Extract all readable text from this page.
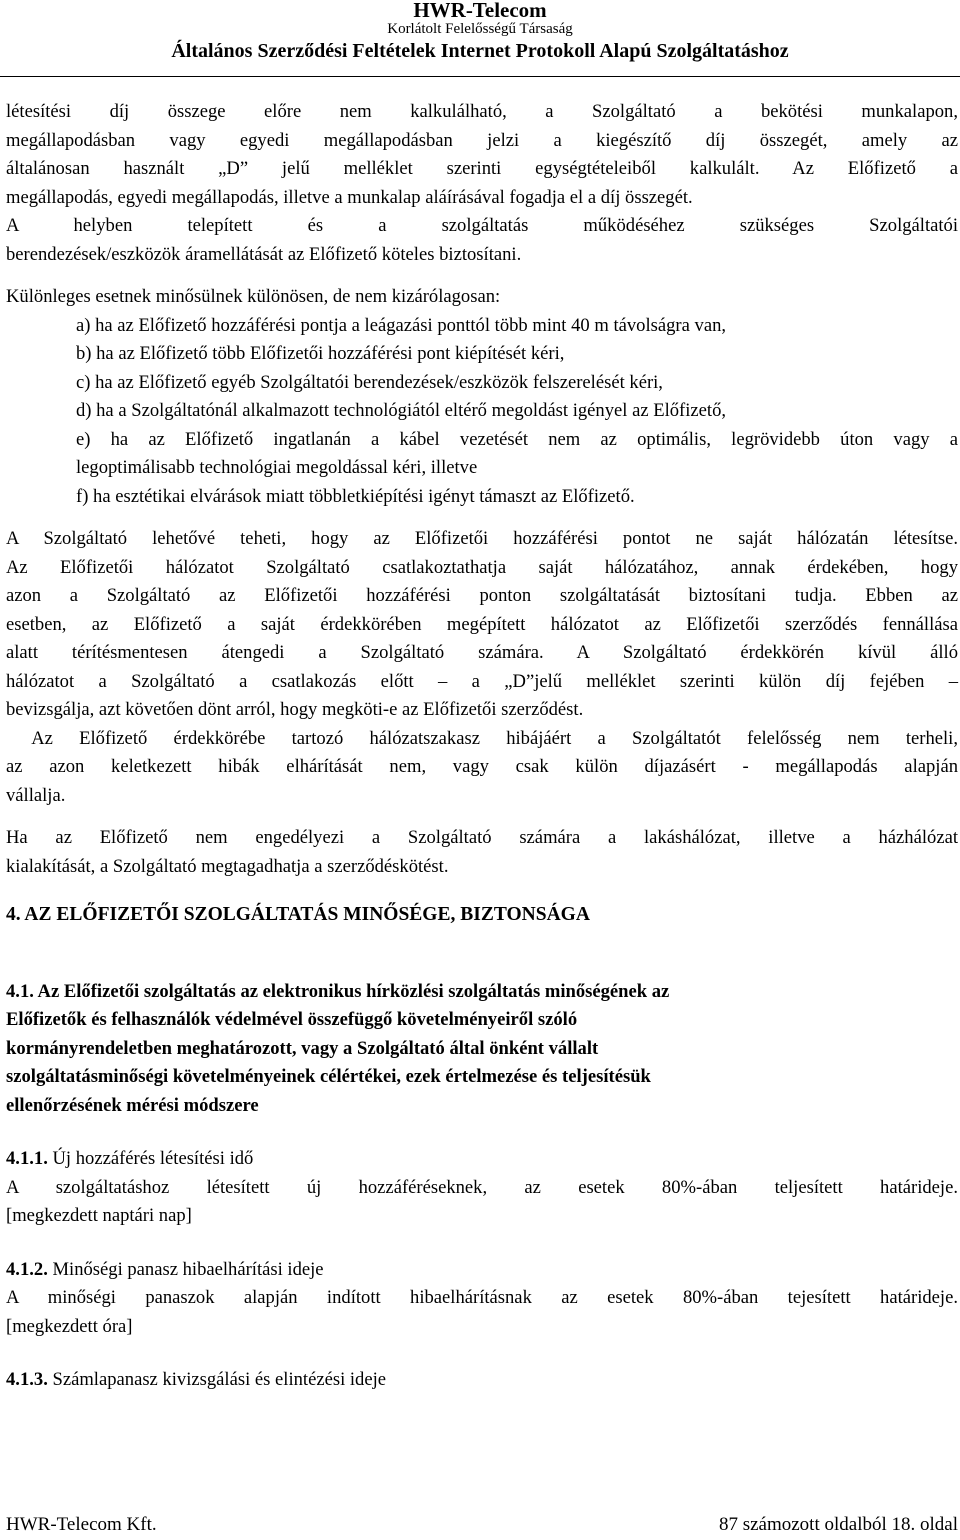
HWR-Telecom
Korlátolt Felelősségű Társaság
Általános Szerződési Feltételek Internet Protokoll Alapú Szolgáltatáshoz

létesítési díj összege előre nem kalkulálható, a Szolgáltató a bekötési munkalapon,

megállapodásban vagy egyedi megállapodásban jelzi a kiegészítő díj összegét, amely az

általánosan használt „D” jelű melléklet szerinti egységtételeiből kalkulált. Az Előfizető a

megállapodás, egyedi megállapodás, illetve a munkalap aláírásával fogadja el a díj összegét.

A helyben telepített és a szolgáltatás működéséhez szükséges Szolgáltatói

berendezések/eszközök áramellátását az Előfizető köteles biztosítani.

Különleges esetnek minősülnek különösen, de nem kizárólagosan:

a) ha az Előfizető hozzáférési pontja a leágazási ponttól több mint 40 m távolságra van,

b) ha az Előfizető több Előfizetői hozzáférési pont kiépítését kéri,

c) ha az Előfizető egyéb Szolgáltatói berendezések/eszközök felszerelését kéri,

d) ha a Szolgáltatónál alkalmazott technológiától eltérő megoldást igényel az Előfizető,

e) ha az Előfizető ingatlanán a kábel vezetését nem az optimális, legrövidebb úton vagy a

legoptimálisabb technológiai megoldással kéri, illetve

f) ha esztétikai elvárások miatt többletkiépítési igényt támaszt az Előfizető.

A Szolgáltató lehetővé teheti, hogy az Előfizetői hozzáférési pontot ne saját hálózatán létesítse.

Az Előfizetői hálózatot Szolgáltató csatlakoztathatja saját hálózatához, annak érdekében, hogy

azon a Szolgáltató az Előfizetői hozzáférési ponton szolgáltatását biztosítani tudja. Ebben az

esetben, az Előfizető a saját érdekkörében megépített hálózatot az Előfizetői szerződés fennállása

alatt térítésmentesen átengedi a Szolgáltató számára. A Szolgáltató érdekkörén kívül álló

hálózatot a Szolgáltató a csatlakozás előtt – a „D”jelű melléklet szerinti külön díj fejében –

bevizsgálja, azt követően dönt arról, hogy megköti-e az Előfizetői szerződést.

Az Előfizető érdekkörébe tartozó hálózatszakasz hibájáért a Szolgáltatót felelősség nem terheli,

az azon keletkezett hibák elhárítását nem, vagy csak külön díjazásért - megállapodás alapján

vállalja.

Ha az Előfizető nem engedélyezi a Szolgáltató számára a lakáshálózat, illetve a házhálózat

kialakítását, a Szolgáltató megtagadhatja a szerződéskötést.

4. AZ ELŐFIZETŐI SZOLGÁLTATÁS MINŐSÉGE, BIZTONSÁGA

4.1. Az Előfizetői szolgáltatás az elektronikus hírközlési szolgáltatás minőségének az

Előfizetők és felhasználók védelmével összefüggő követelményeiről szóló

kormányrendeletben meghatározott, vagy a Szolgáltató által önként vállalt

szolgáltatásminőségi követelményeinek célértékei, ezek értelmezése és teljesítésük

ellenőrzésének mérési módszere

4.1.1. Új hozzáférés létesítési idő

A szolgáltatáshoz létesített új hozzáféréseknek, az esetek 80%-ában teljesített határideje.

[megkezdett naptári nap]

4.1.2. Minőségi panasz hibaelhárítási ideje

A minőségi panaszok alapján indított hibaelhárításnak az esetek 80%-ában tejesített határideje.

[megkezdett óra]

4.1.3. Számlapanasz kivizsgálási és elintézési ideje

HWR-Telecom Kft.	87 számozott oldalból 18. oldal
